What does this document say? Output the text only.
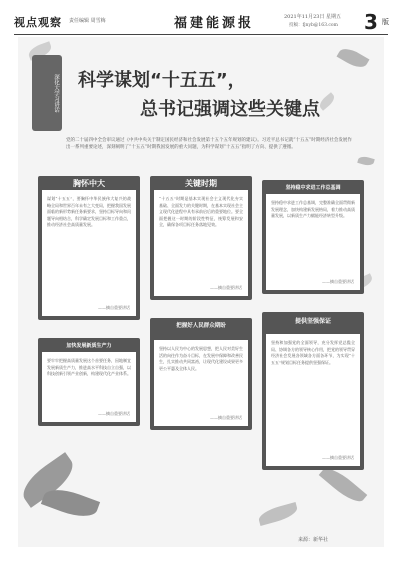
视点观察 责任编辑 周雪梅	福建能源报	2021年11月23日 星期五
投稿：fjnyb@163.com 3 版
深化大学习讲话 科学谋划“十五五”，
总书记强调这些关键点
党的二十届四中全会审议通过《中共中央关于制定国民经济和社会发展第十五个五年规划的建议》。习近平总书记就“十五五”时期经济社会发展作出一系列重要论述，深刻阐明了“十五五”时期我国发展的重大问题，为科学谋划“十五五”指明了方向、提供了遵循。
胸怀中大
谋划“十五五”，要胸怀中华民族伟大复兴的战略全局和世界百年未有之大变局，把握我国发展面临的新形势新任务新要求，坚持目标导向和问题导向相结合，科学确定发展目标和工作重点，推动经济社会高质量发展。
——摘自重要讲话
关键时期
“十五五”时期是基本实现社会主义现代化夯实基础、全面发力的关键时期，在基本实现社会主义现代化进程中具有承前启后的重要地位。要全面把握这一时期的阶段性特征，统筹发展和安全，确保各项目标任务落地见效。
——摘自重要讲话
坚持稳中求进工作总基调
坚持稳中求进工作总基调，完整准确全面贯彻新发展理念，加快构建新发展格局，着力推动高质量发展，以新质生产力赋能经济转型升级。
——摘自重要讲话
加快发展新质生产力
要牢牢把握高质量发展这个首要任务，因地制宜发展新质生产力，推进高水平科技自立自强，以科技创新引领产业创新，构建现代化产业体系。
——摘自重要讲话
把握好人民群众期盼
坚持以人民为中心的发展思想，把人民对美好生活的向往作为奋斗目标，在发展中保障和改善民生，扎实推动共同富裕，让现代化建设成果更多更公平惠及全体人民。
——摘自重要讲话
提供坚强保证
坚持和加强党的全面领导，充分发挥党总揽全局、协调各方的领导核心作用，把党的领导贯穿经济社会发展各领域各方面各环节，为实现“十五五”规划目标任务提供坚强保证。
——摘自重要讲话
来源：新华社
